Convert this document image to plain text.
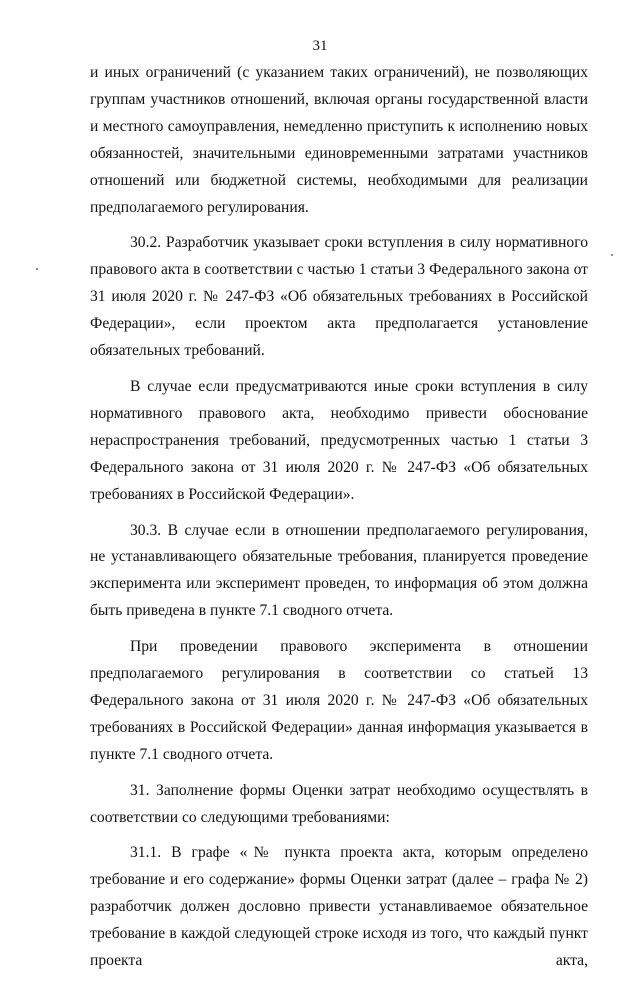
31

и иных ограничений (с указанием таких ограничений), не позволяющих группам участников отношений, включая органы государственной власти и местного самоуправления, немедленно приступить к исполнению новых обязанностей, значительными единовременными затратами участников отношений или бюджетной системы, необходимыми для реализации предполагаемого регулирования.

30.2. Разработчик указывает сроки вступления в силу нормативного правового акта в соответствии с частью 1 статьи 3 Федерального закона от 31 июля 2020 г. № 247-ФЗ «Об обязательных требованиях в Российской Федерации», если проектом акта предполагается установление обязательных требований.

В случае если предусматриваются иные сроки вступления в силу нормативного правового акта, необходимо привести обоснование нераспространения требований, предусмотренных частью 1 статьи 3 Федерального закона от 31 июля 2020 г. № 247-ФЗ «Об обязательных требованиях в Российской Федерации».

30.3. В случае если в отношении предполагаемого регулирования, не устанавливающего обязательные требования, планируется проведение эксперимента или эксперимент проведен, то информация об этом должна быть приведена в пункте 7.1 сводного отчета.

При проведении правового эксперимента в отношении предполагаемого регулирования в соответствии со статьей 13 Федерального закона от 31 июля 2020 г. № 247-ФЗ «Об обязательных требованиях в Российской Федерации» данная информация указывается в пункте 7.1 сводного отчета.

31. Заполнение формы Оценки затрат необходимо осуществлять в соответствии со следующими требованиями:

31.1. В графе «№ пункта проекта акта, которым определено требование и его содержание» формы Оценки затрат (далее – графа № 2) разработчик должен дословно привести устанавливаемое обязательное требование в каждой следующей строке исходя из того, что каждый пункт проекта акта,
